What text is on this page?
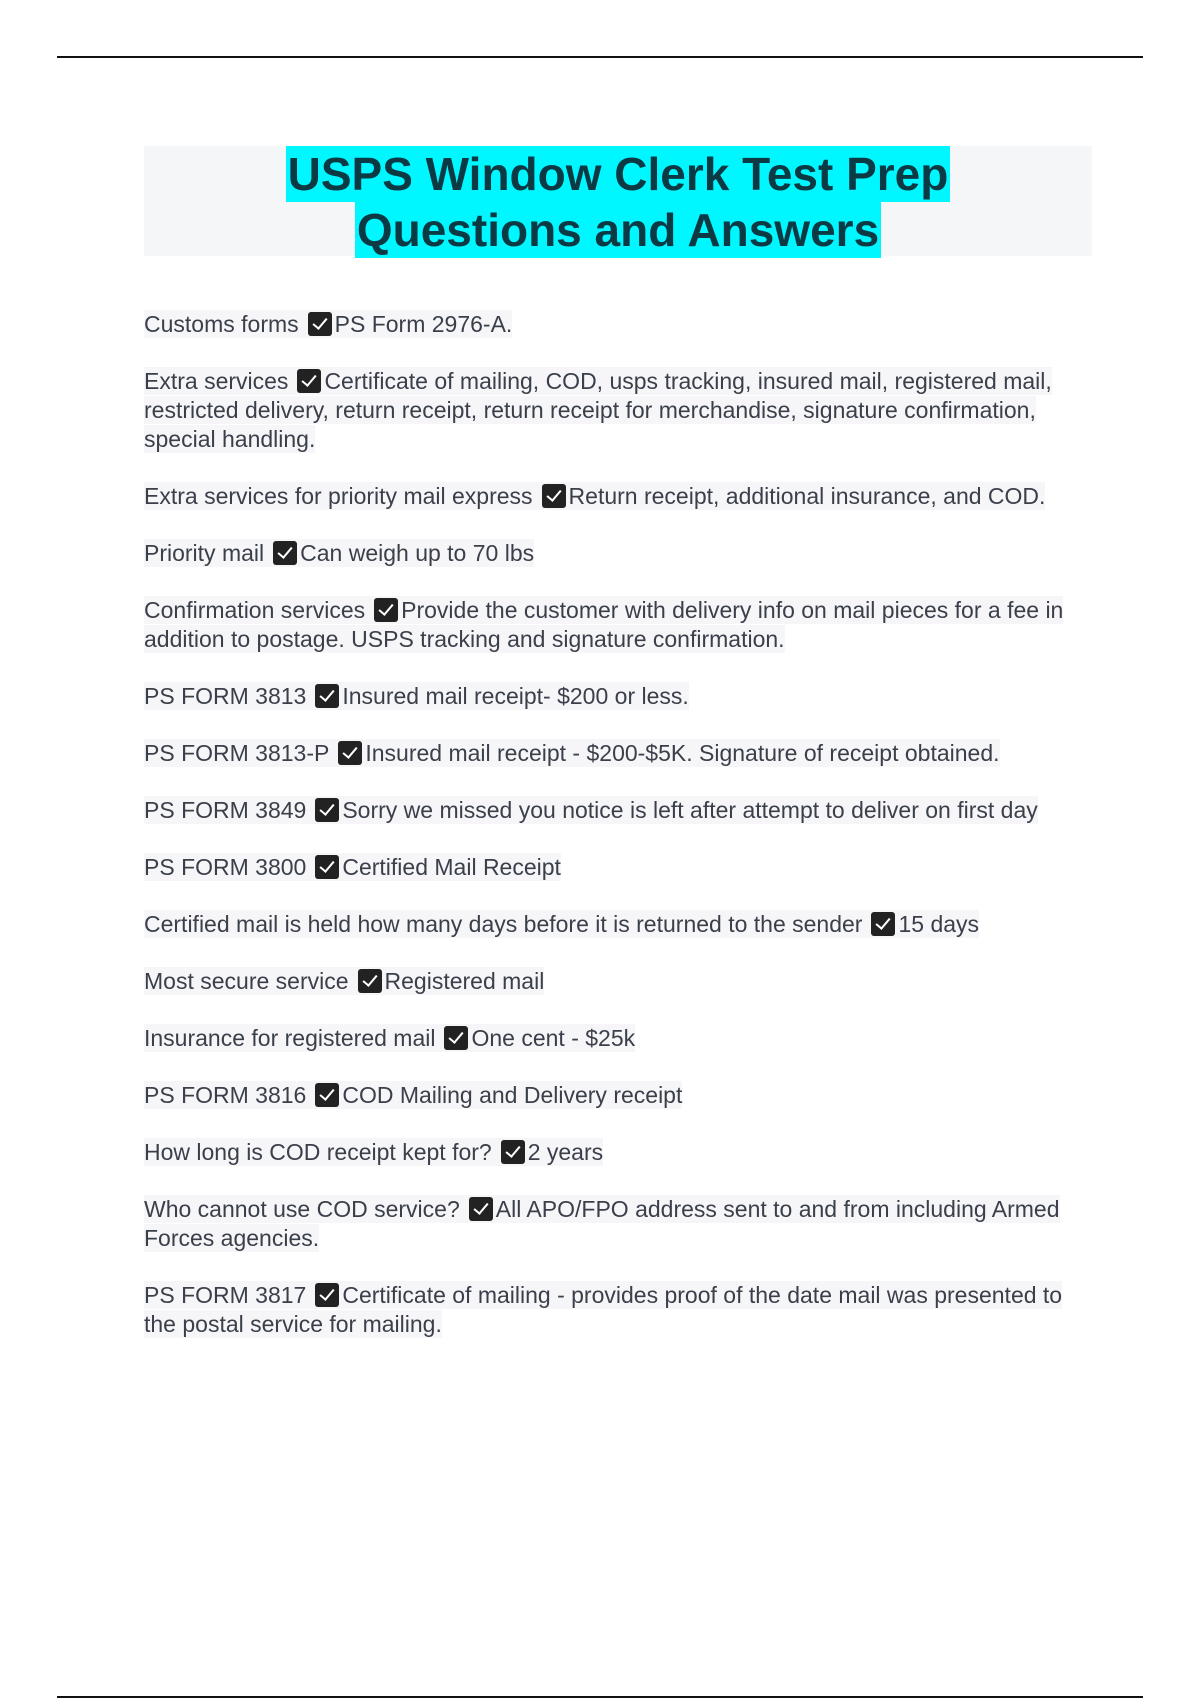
USPS Window Clerk Test Prep
Questions and Answers
Customs forms PS Form 2976-A.
Extra services Certificate of mailing, COD, usps tracking, insured mail, registered mail, restricted delivery, return receipt, return receipt for merchandise, signature confirmation, special handling.
Extra services for priority mail express Return receipt, additional insurance, and COD.
Priority mail Can weigh up to 70 lbs
Confirmation services Provide the customer with delivery info on mail pieces for a fee in addition to postage. USPS tracking and signature confirmation.
PS FORM 3813 Insured mail receipt- $200 or less.
PS FORM 3813-P Insured mail receipt - $200-$5K. Signature of receipt obtained.
PS FORM 3849 Sorry we missed you notice is left after attempt to deliver on first day
PS FORM 3800 Certified Mail Receipt
Certified mail is held how many days before it is returned to the sender 15 days
Most secure service Registered mail
Insurance for registered mail One cent - $25k
PS FORM 3816 COD Mailing and Delivery receipt
How long is COD receipt kept for? 2 years
Who cannot use COD service? All APO/FPO address sent to and from including Armed Forces agencies.
PS FORM 3817 Certificate of mailing - provides proof of the date mail was presented to the postal service for mailing.
